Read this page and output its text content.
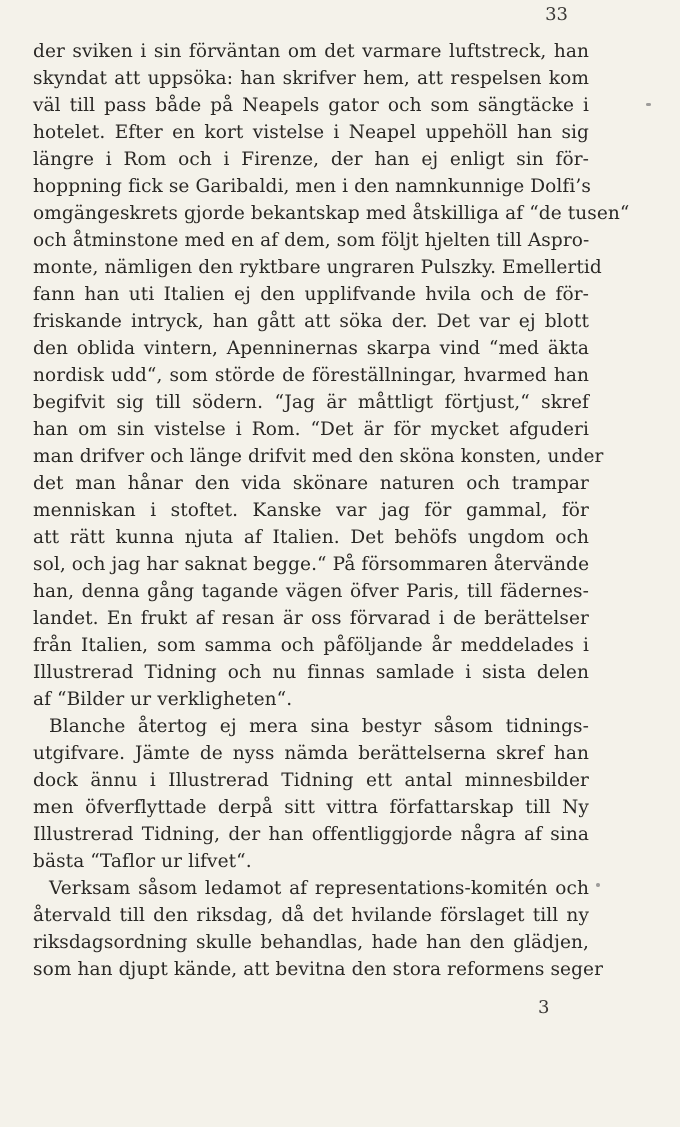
33
der sviken i sin förväntan om det varmare luftstreck, han
skyndat att uppsöka: han skrifver hem, att respelsen kom
väl till pass både på Neapels gator och som sängtäcke i
hotelet. Efter en kort vistelse i Neapel uppehöll han sig
längre i Rom och i Firenze, der han ej enligt sin för-
hoppning fick se Garibaldi, men i den namnkunnige Dolfi’s
omgängeskrets gjorde bekantskap med åtskilliga af “de tusen“
och åtminstone med en af dem, som följt hjelten till Aspro-
monte, nämligen den ryktbare ungraren Pulszky. Emellertid
fann han uti Italien ej den upplifvande hvila och de för-
friskande intryck, han gått att söka der. Det var ej blott
den oblida vintern, Apenninernas skarpa vind “med äkta
nordisk udd“, som störde de föreställningar, hvarmed han
begifvit sig till södern. “Jag är måttligt förtjust,“ skref
han om sin vistelse i Rom. “Det är för mycket afguderi
man drifver och länge drifvit med den sköna konsten, under
det man hånar den vida skönare naturen och trampar
menniskan i stoftet. Kanske var jag för gammal, för
att rätt kunna njuta af Italien. Det behöfs ungdom och
sol, och jag har saknat begge.“ På försommaren återvände
han, denna gång tagande vägen öfver Paris, till fädernes-
landet. En frukt af resan är oss förvarad i de berättelser
från Italien, som samma och påföljande år meddelades i
Illustrerad Tidning och nu finnas samlade i sista delen
af “Bilder ur verkligheten“.
Blanche återtog ej mera sina bestyr såsom tidnings-
utgifvare. Jämte de nyss nämda berättelserna skref han
dock ännu i Illustrerad Tidning ett antal minnesbilder
men öfverflyttade derpå sitt vittra författarskap till Ny
Illustrerad Tidning, der han offentliggjorde några af sina
bästa “Taflor ur lifvet“.
Verksam såsom ledamot af representations-komitén och
återvald till den riksdag, då det hvilande förslaget till ny
riksdagsordning skulle behandlas, hade han den glädjen,
som han djupt kände, att bevitna den stora reformens seger
3
